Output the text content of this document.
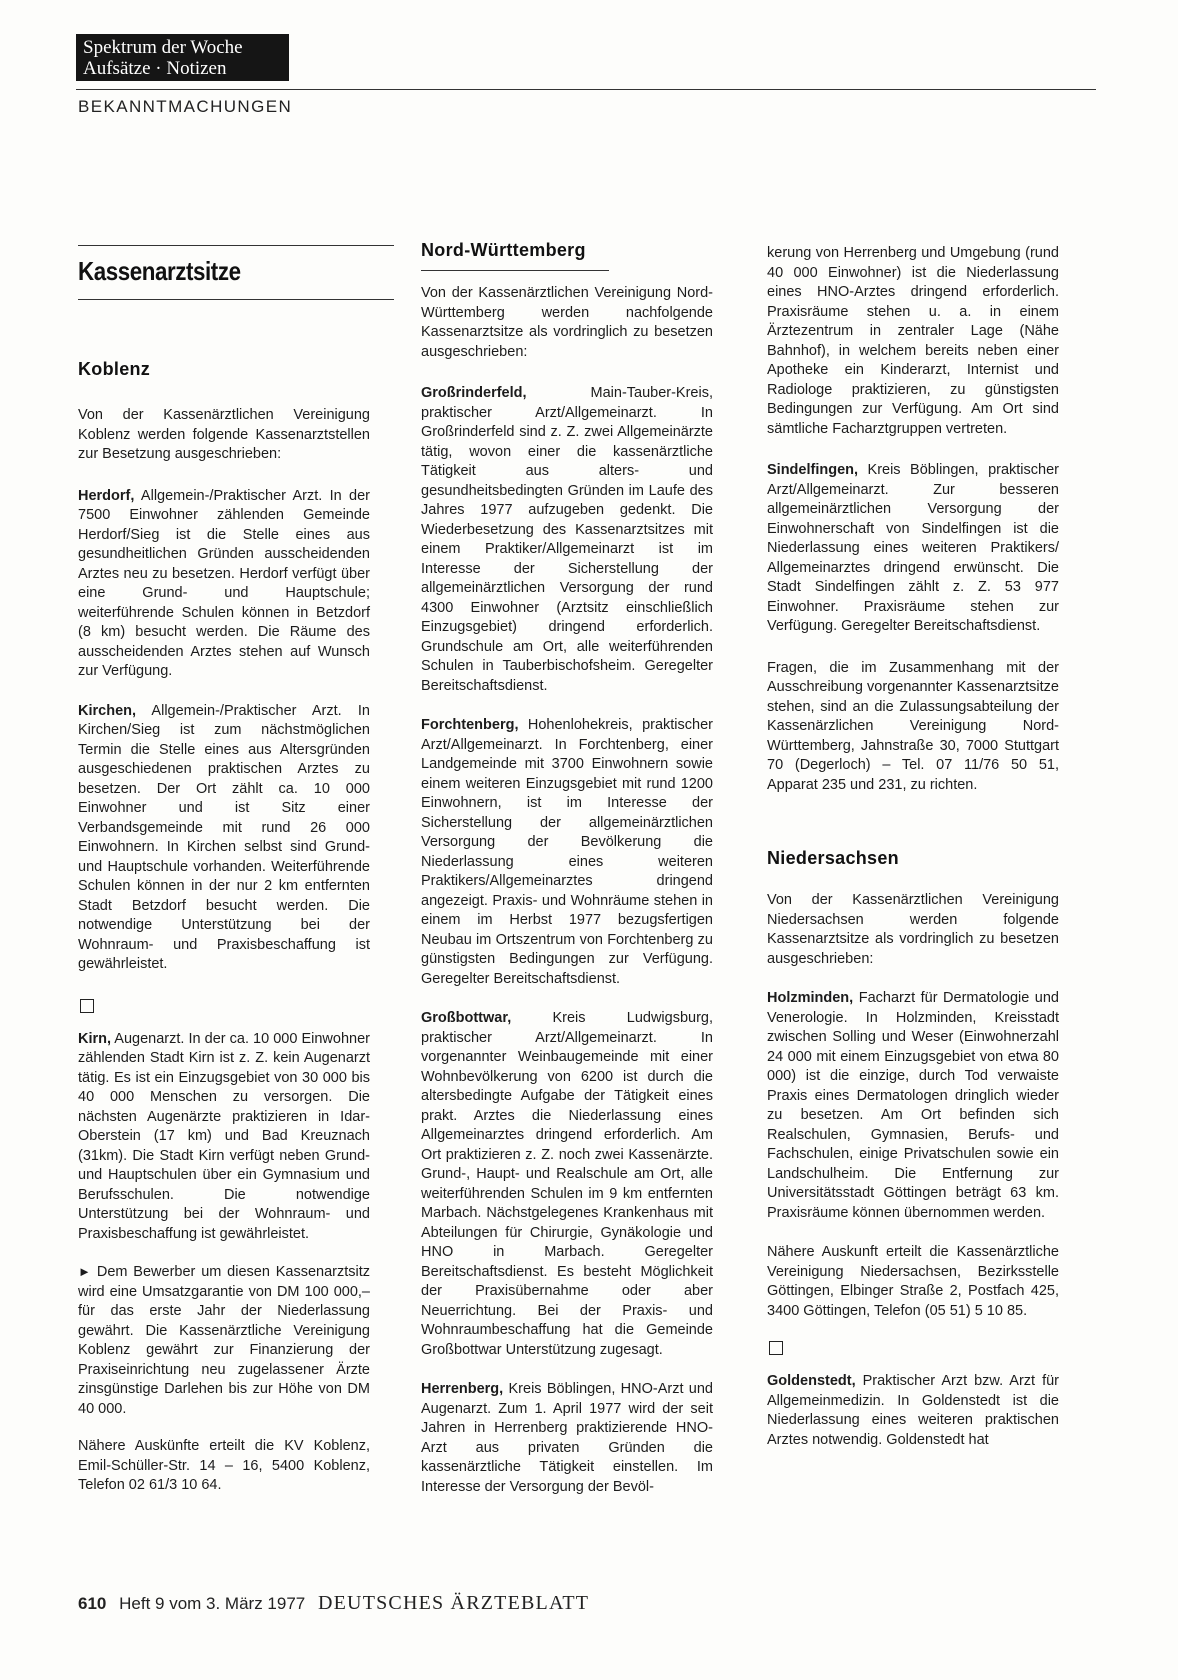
Spektrum der Woche
Aufsätze · Notizen
BEKANNTMACHUNGEN
Kassenarztsitze
Koblenz

Von der Kassenärztlichen Vereinigung Koblenz werden folgende Kassenarztstellen zur Besetzung ausgeschrieben:

Herdorf, Allgemein-/Praktischer Arzt. In der 7500 Einwohner zählenden Gemeinde Herdorf/Sieg ist die Stelle eines aus gesundheitlichen Gründen ausscheidenden Arztes neu zu besetzen. Herdorf verfügt über eine Grund- und Hauptschule; weiterführende Schulen können in Betzdorf (8 km) besucht werden. Die Räume des ausscheidenden Arztes stehen auf Wunsch zur Verfügung.

Kirchen, Allgemein-/Praktischer Arzt. In Kirchen/Sieg ist zum nächstmöglichen Termin die Stelle eines aus Altersgründen ausgeschiedenen praktischen Arztes zu besetzen. Der Ort zählt ca. 10 000 Einwohner und ist Sitz einer Verbandsgemeinde mit rund 26 000 Einwohnern. In Kirchen selbst sind Grund- und Hauptschule vorhanden. Weiterführende Schulen können in der nur 2 km entfernten Stadt Betzdorf besucht werden. Die notwendige Unterstützung bei der Wohnraum- und Praxisbeschaffung ist gewährleistet.

Kirn, Augenarzt. In der ca. 10 000 Einwohner zählenden Stadt Kirn ist z. Z. kein Augenarzt tätig. Es ist ein Einzugsgebiet von 30 000 bis 40 000 Menschen zu versorgen. Die nächsten Augenärzte praktizieren in Idar-Oberstein (17 km) und Bad Kreuznach (31km). Die Stadt Kirn verfügt neben Grund- und Hauptschulen über ein Gymnasium und Berufsschulen. Die notwendige Unterstützung bei der Wohnraum- und Praxisbeschaffung ist gewährleistet.

► Dem Bewerber um diesen Kassenarztsitz wird eine Umsatzgarantie von DM 100 000,– für das erste Jahr der Niederlassung gewährt. Die Kassenärztliche Vereinigung Koblenz gewährt zur Finanzierung der Praxiseinrichtung neu zugelassener Ärzte zinsgünstige Darlehen bis zur Höhe von DM 40 000.

Nähere Auskünfte erteilt die KV Koblenz, Emil-Schüller-Str. 14 – 16, 5400 Koblenz, Telefon 02 61/3 10 64.

Nord-Württemberg

Von der Kassenärztlichen Vereinigung Nord-Württemberg werden nachfolgende Kassenarztsitze als vordringlich zu besetzen ausgeschrieben:

Großrinderfeld, Main-Tauber-Kreis, praktischer Arzt/Allgemeinarzt. In Großrinderfeld sind z. Z. zwei Allgemeinärzte tätig, wovon einer die kassenärztliche Tätigkeit aus alters- und gesundheitsbedingten Gründen im Laufe des Jahres 1977 aufzugeben gedenkt. Die Wiederbesetzung des Kassenarztsitzes mit einem Praktiker/Allgemeinarzt ist im Interesse der Sicherstellung der allgemeinärztlichen Versorgung der rund 4300 Einwohner (Arztsitz einschließlich Einzugsgebiet) dringend erforderlich. Grundschule am Ort, alle weiterführenden Schulen in Tauberbischofsheim. Geregelter Bereitschaftsdienst.

Forchtenberg, Hohenlohekreis, praktischer Arzt/Allgemeinarzt. In Forchtenberg, einer Landgemeinde mit 3700 Einwohnern sowie einem weiteren Einzugsgebiet mit rund 1200 Einwohnern, ist im Interesse der Sicherstellung der allgemeinärztlichen Versorgung der Bevölkerung die Niederlassung eines weiteren Praktikers/Allgemeinarztes dringend angezeigt. Praxis- und Wohnräume stehen in einem im Herbst 1977 bezugsfertigen Neubau im Ortszentrum von Forchtenberg zu günstigsten Bedingungen zur Verfügung. Geregelter Bereitschaftsdienst.

Großbottwar, Kreis Ludwigsburg, praktischer Arzt/Allgemeinarzt. In vorgenannter Weinbaugemeinde mit einer Wohnbevölkerung von 6200 ist durch die altersbedingte Aufgabe der Tätigkeit eines prakt. Arztes die Niederlassung eines Allgemeinarztes dringend erforderlich. Am Ort praktizieren z. Z. noch zwei Kassenärzte. Grund-, Haupt- und Realschule am Ort, alle weiterführenden Schulen im 9 km entfernten Marbach. Nächstgelegenes Krankenhaus mit Abteilungen für Chirurgie, Gynäkologie und HNO in Marbach. Geregelter Bereitschaftsdienst. Es besteht Möglichkeit der Praxisübernahme oder aber Neuerrichtung. Bei der Praxis- und Wohnraumbeschaffung hat die Gemeinde Großbottwar Unterstützung zugesagt.

Herrenberg, Kreis Böblingen, HNO-Arzt und Augenarzt. Zum 1. April 1977 wird der seit Jahren in Herrenberg praktizierende HNO-Arzt aus privaten Gründen die kassenärztliche Tätigkeit einstellen. Im Interesse der Versorgung der Bevöl-

kerung von Herrenberg und Umgebung (rund 40 000 Einwohner) ist die Niederlassung eines HNO-Arztes dringend erforderlich. Praxisräume stehen u. a. in einem Ärztezentrum in zentraler Lage (Nähe Bahnhof), in welchem bereits neben einer Apotheke ein Kinderarzt, Internist und Radiologe praktizieren, zu günstigsten Bedingungen zur Verfügung. Am Ort sind sämtliche Facharztgruppen vertreten.

Sindelfingen, Kreis Böblingen, praktischer Arzt/Allgemeinarzt. Zur besseren allgemeinärztlichen Versorgung der Einwohnerschaft von Sindelfingen ist die Niederlassung eines weiteren Praktikers/ Allgemeinarztes dringend erwünscht. Die Stadt Sindelfingen zählt z. Z. 53 977 Einwohner. Praxisräume stehen zur Verfügung. Geregelter Bereitschaftsdienst.

Fragen, die im Zusammenhang mit der Ausschreibung vorgenannter Kassenarztsitze stehen, sind an die Zulassungsabteilung der Kassenärzlichen Vereinigung Nord-Württemberg, Jahnstraße 30, 7000 Stuttgart 70 (Degerloch) – Tel. 07 11/76 50 51, Apparat 235 und 231, zu richten.

Niedersachsen

Von der Kassenärztlichen Vereinigung Niedersachsen werden folgende Kassenarztsitze als vordringlich zu besetzen ausgeschrieben:

Holzminden, Facharzt für Dermatologie und Venerologie. In Holzminden, Kreisstadt zwischen Solling und Weser (Einwohnerzahl 24 000 mit einem Einzugsgebiet von etwa 80 000) ist die einzige, durch Tod verwaiste Praxis eines Dermatologen dringlich wieder zu besetzen. Am Ort befinden sich Realschulen, Gymnasien, Berufs- und Fachschulen, einige Privatschulen sowie ein Landschulheim. Die Entfernung zur Universitätsstadt Göttingen beträgt 63 km. Praxisräume können übernommen werden.

Nähere Auskunft erteilt die Kassenärztliche Vereinigung Niedersachsen, Bezirksstelle Göttingen, Elbinger Straße 2, Postfach 425, 3400 Göttingen, Telefon (05 51) 5 10 85.

Goldenstedt, Praktischer Arzt bzw. Arzt für Allgemeinmedizin. In Goldenstedt ist die Niederlassung eines weiteren praktischen Arztes notwendig. Goldenstedt hat

610 Heft 9 vom 3. März 1977 DEUTSCHES ÄRZTEBLATT
